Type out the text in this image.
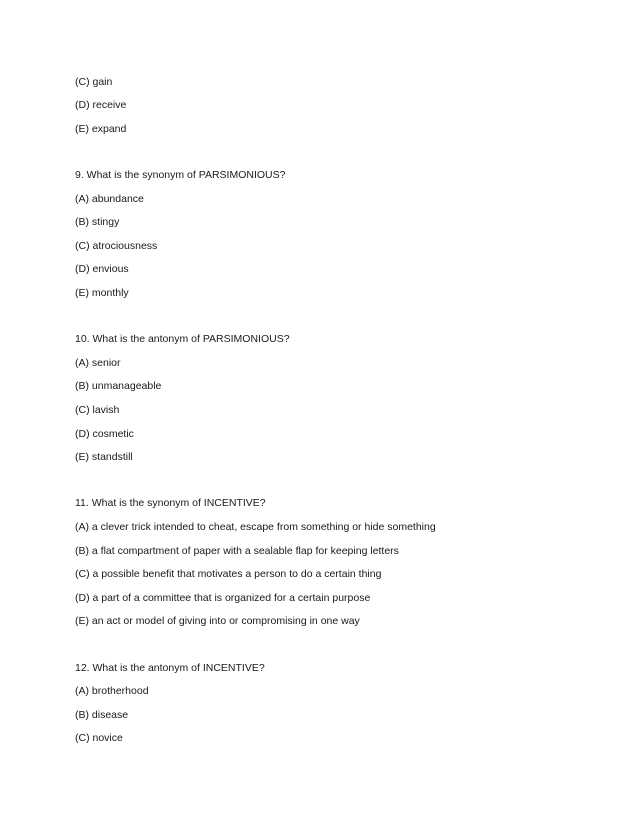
(C) gain
(D) receive
(E) expand
9. What is the synonym of PARSIMONIOUS?
(A) abundance
(B) stingy
(C) atrociousness
(D) envious
(E) monthly
10. What is the antonym of PARSIMONIOUS?
(A) senior
(B) unmanageable
(C) lavish
(D) cosmetic
(E) standstill
11. What is the synonym of INCENTIVE?
(A) a clever trick intended to cheat, escape from something or hide something
(B) a flat compartment of paper with a sealable flap for keeping letters
(C) a possible benefit that motivates a person to do a certain thing
(D) a part of a committee that is organized for a certain purpose
(E) an act or model of giving into or compromising in one way
12. What is the antonym of INCENTIVE?
(A) brotherhood
(B) disease
(C) novice
